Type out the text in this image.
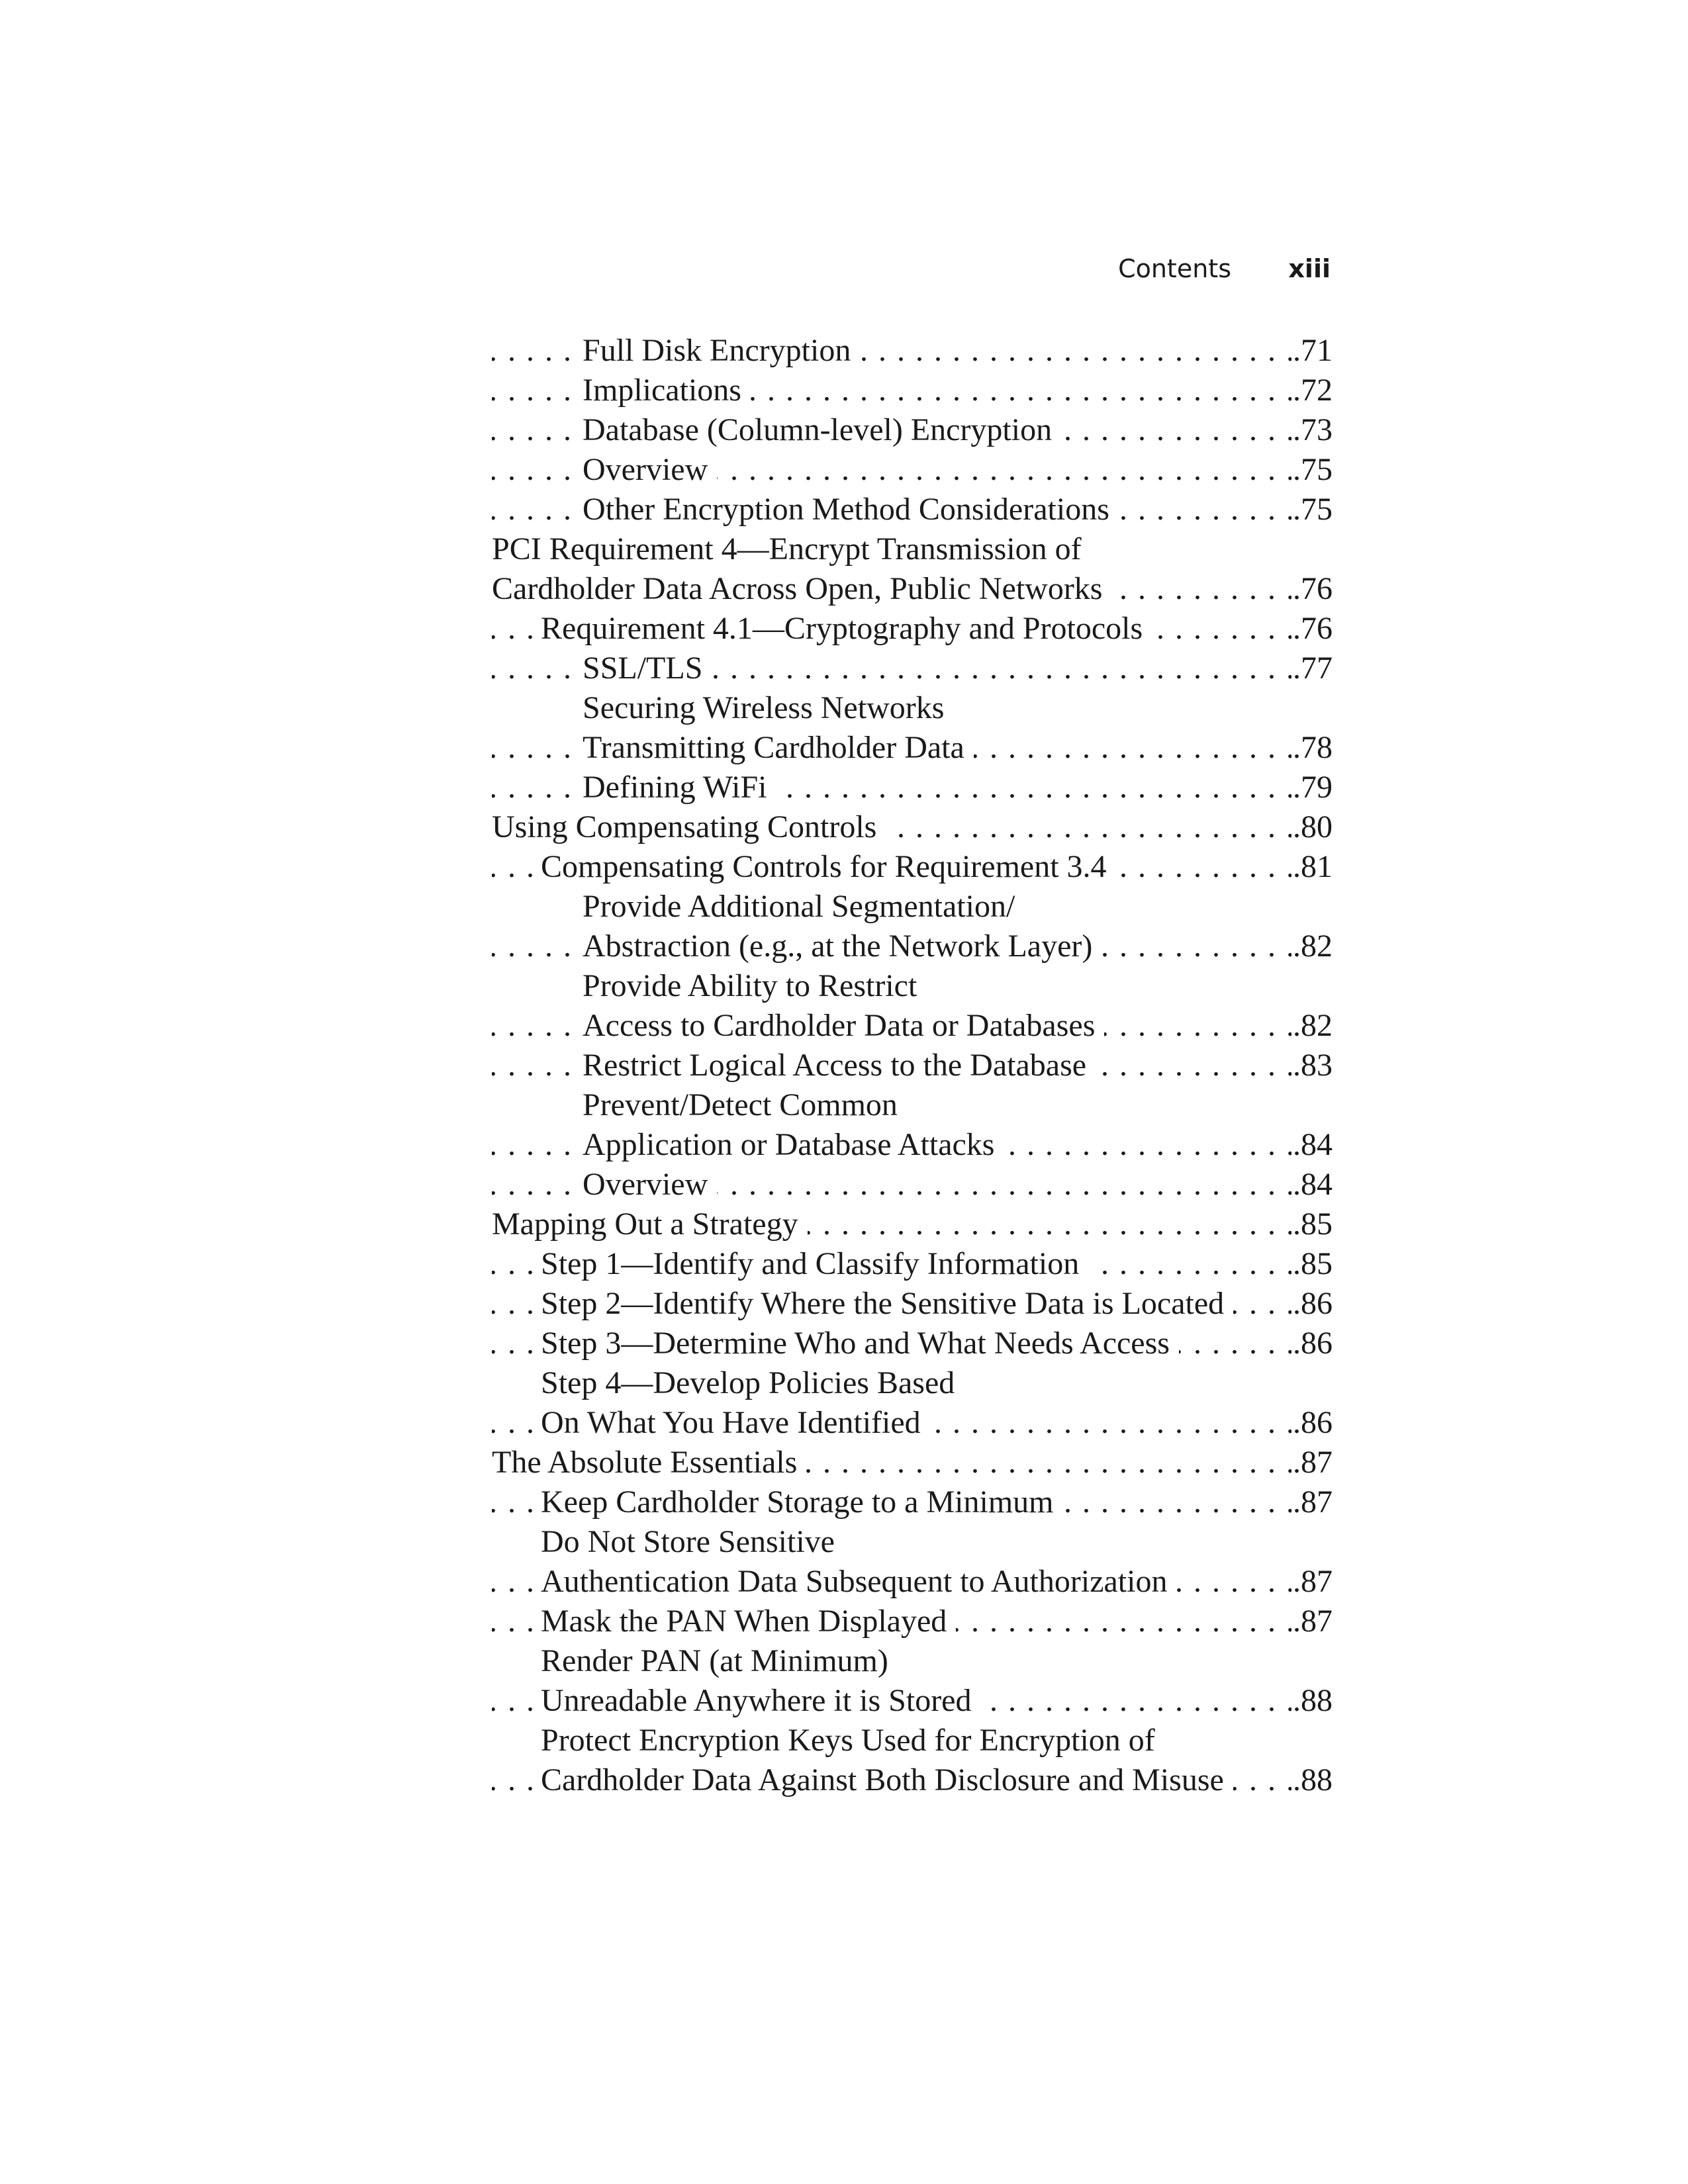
Contents xiii
Full Disk Encryption	.71
. . .
Implications	.72
. . .
Database (Column-level) Encryption	.73
. . .
Overview	.75
. . .
Other Encryption Method Considerations	.75
. . .
PCI Requirement 4—Encrypt Transmission of
Cardholder Data Across Open, Public Networks	.76
. . .
Requirement 4.1—Cryptography and Protocols	.76
. . .
SSL/TLS	.77
. . .
Securing Wireless Networks
Transmitting Cardholder Data	.78
. . .
Defining WiFi	.79
. . .
Using Compensating Controls	.80
. . .
Compensating Controls for Requirement 3.4	.81
. . .
Provide Additional Segmentation/
Abstraction (e.g., at the Network Layer)	.82
. . .
Provide Ability to Restrict
Access to Cardholder Data or Databases	.82
. . .
Restrict Logical Access to the Database	.83
. . .
Prevent/Detect Common
Application or Database Attacks	.84
. . .
Overview	.84
. . .
Mapping Out a Strategy	.85
. . .
Step 1—Identify and Classify Information	.85
. . .
Step 2—Identify Where the Sensitive Data is Located .86
. . .
Step 3—Determine Who and What Needs Access	.86
. . .
Step 4—Develop Policies Based
On What You Have Identified	.86
. . .
The Absolute Essentials	.87
. . .
Keep Cardholder Storage to a Minimum	.87
. . .
Do Not Store Sensitive
Authentication Data Subsequent to Authorization	.87
. . .
Mask the PAN When Displayed	.87
. . .
Render PAN (at Minimum)
Unreadable Anywhere it is Stored	.88
. . .
Protect Encryption Keys Used for Encryption of
Cardholder Data Against Both Disclosure and Misuse .88
. . .
